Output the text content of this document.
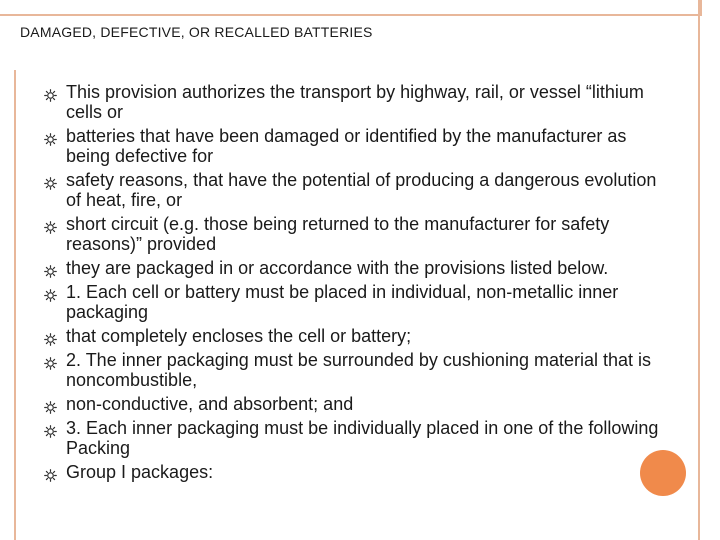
DAMAGED, DEFECTIVE, OR RECALLED BATTERIES
This provision authorizes the transport by highway, rail, or vessel “lithium cells or
batteries that have been damaged or identified by the manufacturer as being defective for
safety reasons, that have the potential of producing a dangerous evolution of heat, fire, or
short circuit (e.g. those being returned to the manufacturer for safety reasons)” provided
they are packaged in or accordance with the provisions listed below.
1. Each cell or battery must be placed in individual, non-metallic inner packaging
that completely encloses the cell or battery;
2. The inner packaging must be surrounded by cushioning material that is noncombustible,
non-conductive, and absorbent; and
3. Each inner packaging must be individually placed in one of the following Packing
Group I packages:
